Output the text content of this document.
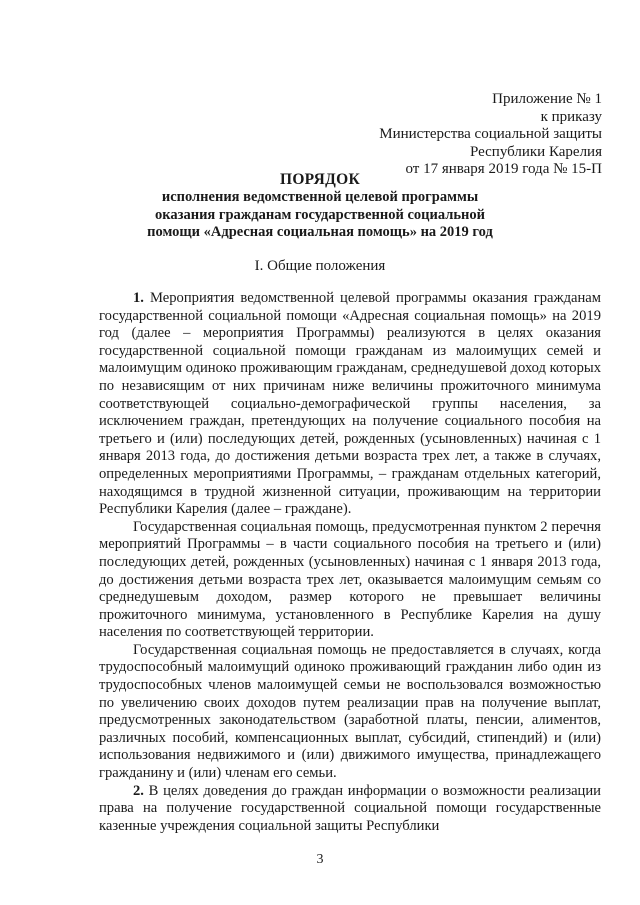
Приложение № 1
к приказу
Министерства социальной защиты
Республики Карелия
от 17 января 2019 года № 15-П
ПОРЯДОК
исполнения ведомственной целевой программы
оказания гражданам государственной социальной
помощи «Адресная социальная помощь» на 2019 год
I. Общие положения

1. Мероприятия ведомственной целевой программы оказания гражданам государственной социальной помощи «Адресная социальная помощь» на 2019 год (далее – мероприятия Программы) реализуются в целях оказания государственной социальной помощи гражданам из малоимущих семей и малоимущим одиноко проживающим гражданам, среднедушевой доход которых по независящим от них причинам ниже величины прожиточного минимума соответствующей социально-демографической группы населения, за исключением граждан, претендующих на получение социального пособия на третьего и (или) последующих детей, рожденных (усыновленных) начиная с 1 января 2013 года, до достижения детьми возраста трех лет, а также в случаях, определенных мероприятиями Программы, – гражданам отдельных категорий, находящимся в трудной жизненной ситуации, проживающим на территории Республики Карелия (далее – граждане).

Государственная социальная помощь, предусмотренная пунктом 2 перечня мероприятий Программы – в части социального пособия на третьего и (или) последующих детей, рожденных (усыновленных) начиная с 1 января 2013 года, до достижения детьми возраста трех лет, оказывается малоимущим семьям со среднедушевым доходом, размер которого не превышает величины прожиточного минимума, установленного в Республике Карелия на душу населения по соответствующей территории.

Государственная социальная помощь не предоставляется в случаях, когда трудоспособный малоимущий одиноко проживающий гражданин либо один из трудоспособных членов малоимущей семьи не воспользовался возможностью по увеличению своих доходов путем реализации прав на получение выплат, предусмотренных законодательством (заработной платы, пенсии, алиментов, различных пособий, компенсационных выплат, субсидий, стипендий) и (или) использования недвижимого и (или) движимого имущества, принадлежащего гражданину и (или) членам его семьи.

2. В целях доведения до граждан информации о возможности реализации права на получение государственной социальной помощи государственные казенные учреждения социальной защиты Республики

3
